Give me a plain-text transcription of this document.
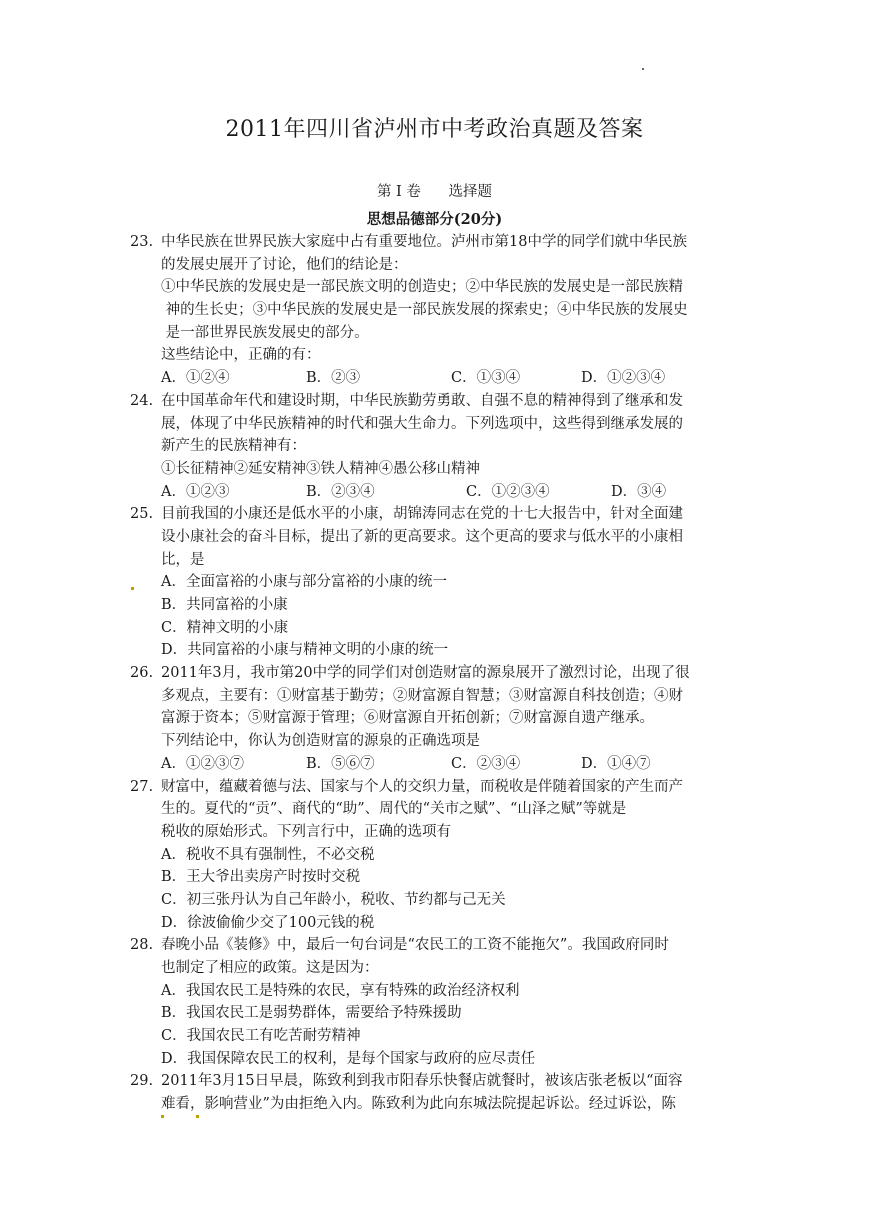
2011年四川省泸州市中考政治真题及答案
第 I 卷      选择题
思想品德部分(20分)
23. 中华民族在世界民族大家庭中占有重要地位。泸州市第18中学的同学们就中华民族
的发展史展开了讨论，他们的结论是：
①中华民族的发展史是一部民族文明的创造史；②中华民族的发展史是一部民族精
神的生长史；③中华民族的发展史是一部民族发展的探索史；④中华民族的发展史
是一部世界民族发展史的部分。
这些结论中，正确的有：
A．①②④	B．②③	C．①③④	D．①②③④
24. 在中国革命年代和建设时期，中华民族勤劳勇敢、自强不息的精神得到了继承和发
展，体现了中华民族精神的时代和强大生命力。下列选项中，这些得到继承发展的
新产生的民族精神有：
①长征精神②延安精神③铁人精神④愚公移山精神
A．①②③	B．②③④	C．①②③④	D．③④
25. 目前我国的小康还是低水平的小康，胡锦涛同志在党的十七大报告中，针对全面建
设小康社会的奋斗目标，提出了新的更高要求。这个更高的要求与低水平的小康相
比，是
A．全面富裕的小康与部分富裕的小康的统一
B．共同富裕的小康
C．精神文明的小康
D．共同富裕的小康与精神文明的小康的统一
26. 2011年3月，我市第20中学的同学们对创造财富的源泉展开了激烈讨论，出现了很
多观点，主要有：①财富基于勤劳；②财富源自智慧；③财富源自科技创造；④财
富源于资本；⑤财富源于管理；⑥财富源自开拓创新；⑦财富源自遗产继承。
下列结论中，你认为创造财富的源泉的正确选项是
A．①②③⑦	B．⑤⑥⑦	C．②③④	D．①④⑦
27. 财富中，蕴藏着德与法、国家与个人的交织力量，而税收是伴随着国家的产生而产
生的。夏代的“贡”、商代的“助”、周代的“关市之赋”、“山泽之赋”等就是
税收的原始形式。下列言行中，正确的选项有
A．税收不具有强制性，不必交税
B．王大爷出卖房产时按时交税
C．初三张丹认为自己年龄小，税收、节约都与己无关
D．徐波偷偷少交了100元钱的税
28. 春晚小品《装修》中，最后一句台词是“农民工的工资不能拖欠”。我国政府同时
也制定了相应的政策。这是因为：
A．我国农民工是特殊的农民，享有特殊的政治经济权利
B．我国农民工是弱势群体，需要给予特殊援助
C．我国农民工有吃苦耐劳精神
D．我国保障农民工的权利，是每个国家与政府的应尽责任
29. 2011年3月15日早晨，陈致利到我市阳春乐快餐店就餐时，被该店张老板以“面容
难看，影响营业”为由拒绝入内。陈致利为此向东城法院提起诉讼。经过诉讼，陈
